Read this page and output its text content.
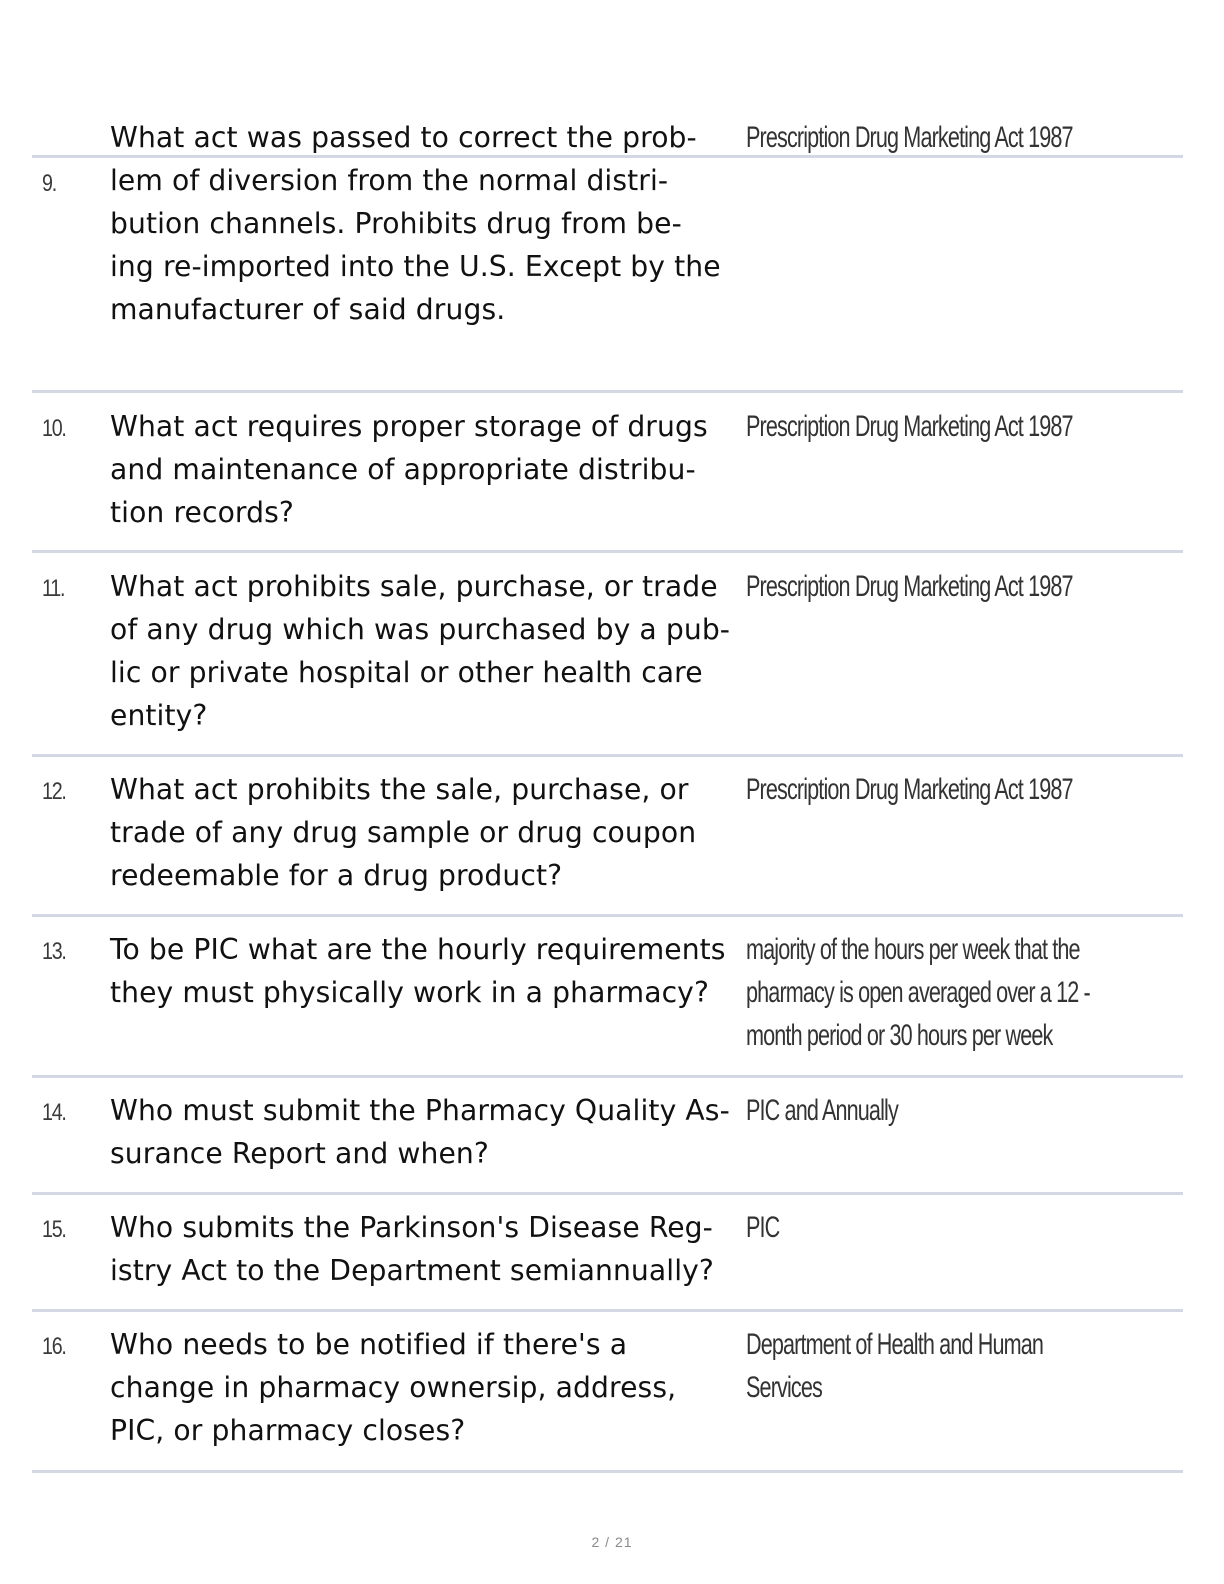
What act was passed to correct the prob-
lem of diversion from the normal distri-
bution channels. Prohibits drug from be-
ing re-imported into the U.S. Except by the
manufacturer of said drugs.
9.
Prescription Drug Marketing Act 1987
10. What act requires proper storage of drugs
and maintenance of appropriate distribu-
tion records?
Prescription Drug Marketing Act 1987
11. What act prohibits sale, purchase, or trade
of any drug which was purchased by a pub-
lic or private hospital or other health care
entity?
Prescription Drug Marketing Act 1987
12. What act prohibits the sale, purchase, or
trade of any drug sample or drug coupon
redeemable for a drug product?
Prescription Drug Marketing Act 1987
13. To be PIC what are the hourly requirements
they must physically work in a pharmacy?
majority of the hours per week that the
pharmacy is open averaged over a 12 -
month period or 30 hours per week
14. Who must submit the Pharmacy Quality As-
surance Report and when?
PIC and Annually
15. Who submits the Parkinson's Disease Reg-
istry Act to the Department semiannually?
PIC
16. Who needs to be notified if there's a
change in pharmacy ownersip, address,
PIC, or pharmacy closes?
Department of Health and Human Services
2 / 21
